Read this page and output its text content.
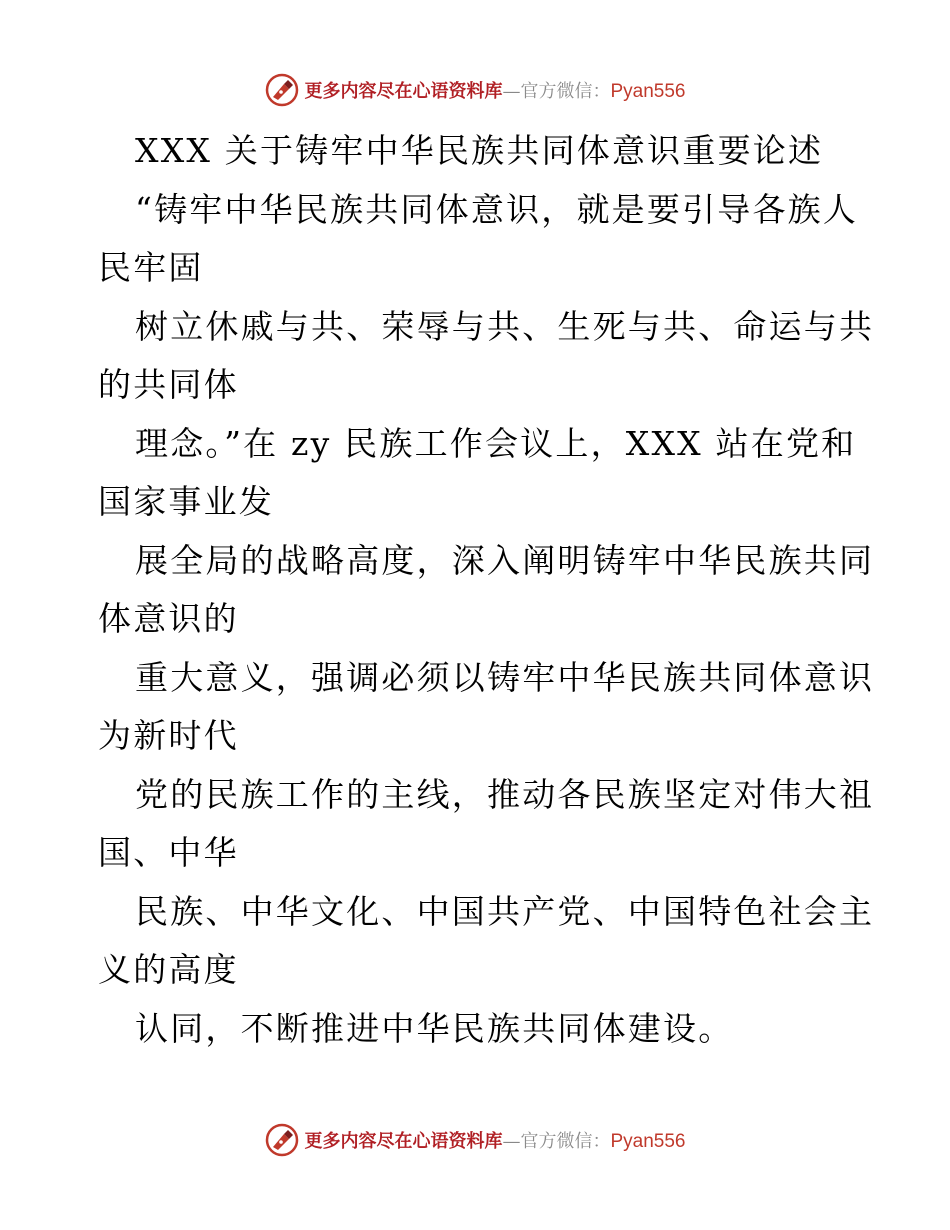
更多内容尽在心语资料库—官方微信：Pyan556
XXX 关于铸牢中华民族共同体意识重要论述
“铸牢中华民族共同体意识，就是要引导各族人
民牢固
树立休戚与共、荣辱与共、生死与共、命运与共
的共同体
理念。”在 zy 民族工作会议上，XXX 站在党和
国家事业发
展全局的战略高度，深入阐明铸牢中华民族共同
体意识的
重大意义，强调必须以铸牢中华民族共同体意识
为新时代
党的民族工作的主线，推动各民族坚定对伟大祖
国、中华
民族、中华文化、中国共产党、中国特色社会主
义的高度
认同，不断推进中华民族共同体建设。
更多内容尽在心语资料库—官方微信：Pyan556
